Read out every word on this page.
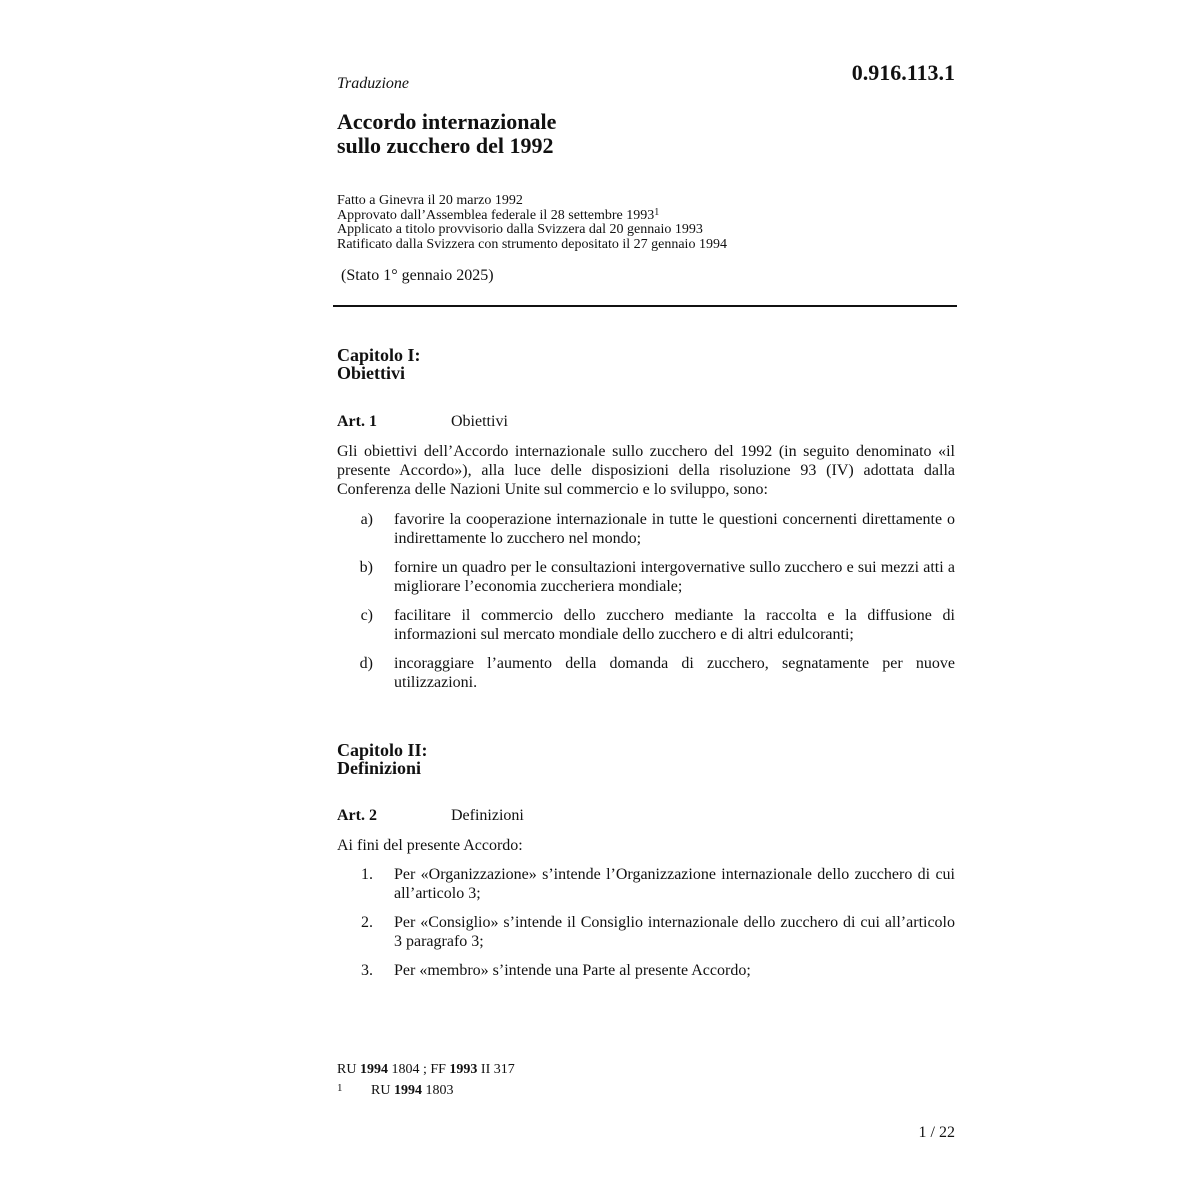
0.916.113.1
Traduzione
Accordo internazionale
sullo zucchero del 1992
Fatto a Ginevra il 20 marzo 1992
Approvato dall’Assemblea federale il 28 settembre 1993$^1$
Applicato a titolo provvisorio dalla Svizzera dal 20 gennaio 1993
Ratificato dalla Svizzera con strumento depositato il 27 gennaio 1994
(Stato 1° gennaio 2025)
Capitolo I:
Obiettivi
Art. 1	Obiettivi
Gli obiettivi dell’Accordo internazionale sullo zucchero del 1992 (in seguito denominato «il presente Accordo»), alla luce delle disposizioni della risoluzione 93 (IV) adottata dalla Conferenza delle Nazioni Unite sul commercio e lo sviluppo, sono:
a)	favorire la cooperazione internazionale in tutte le questioni concernenti direttamente o indirettamente lo zucchero nel mondo;
b)	fornire un quadro per le consultazioni intergovernative sullo zucchero e sui mezzi atti a migliorare l’economia zuccheriera mondiale;
c)	facilitare il commercio dello zucchero mediante la raccolta e la diffusione di informazioni sul mercato mondiale dello zucchero e di altri edulcoranti;
d)	incoraggiare l’aumento della domanda di zucchero, segnatamente per nuove utilizzazioni.
Capitolo II:
Definizioni
Art. 2	Definizioni
Ai fini del presente Accordo:
1.	Per «Organizzazione» s’intende l’Organizzazione internazionale dello zucchero di cui all’articolo 3;
2.	Per «Consiglio» s’intende il Consiglio internazionale dello zucchero di cui all’articolo 3 paragrafo 3;
3.	Per «membro» s’intende una Parte al presente Accordo;
RU 1994 1804 ; FF 1993 II 317
1 RU 1994 1803
1 / 22
